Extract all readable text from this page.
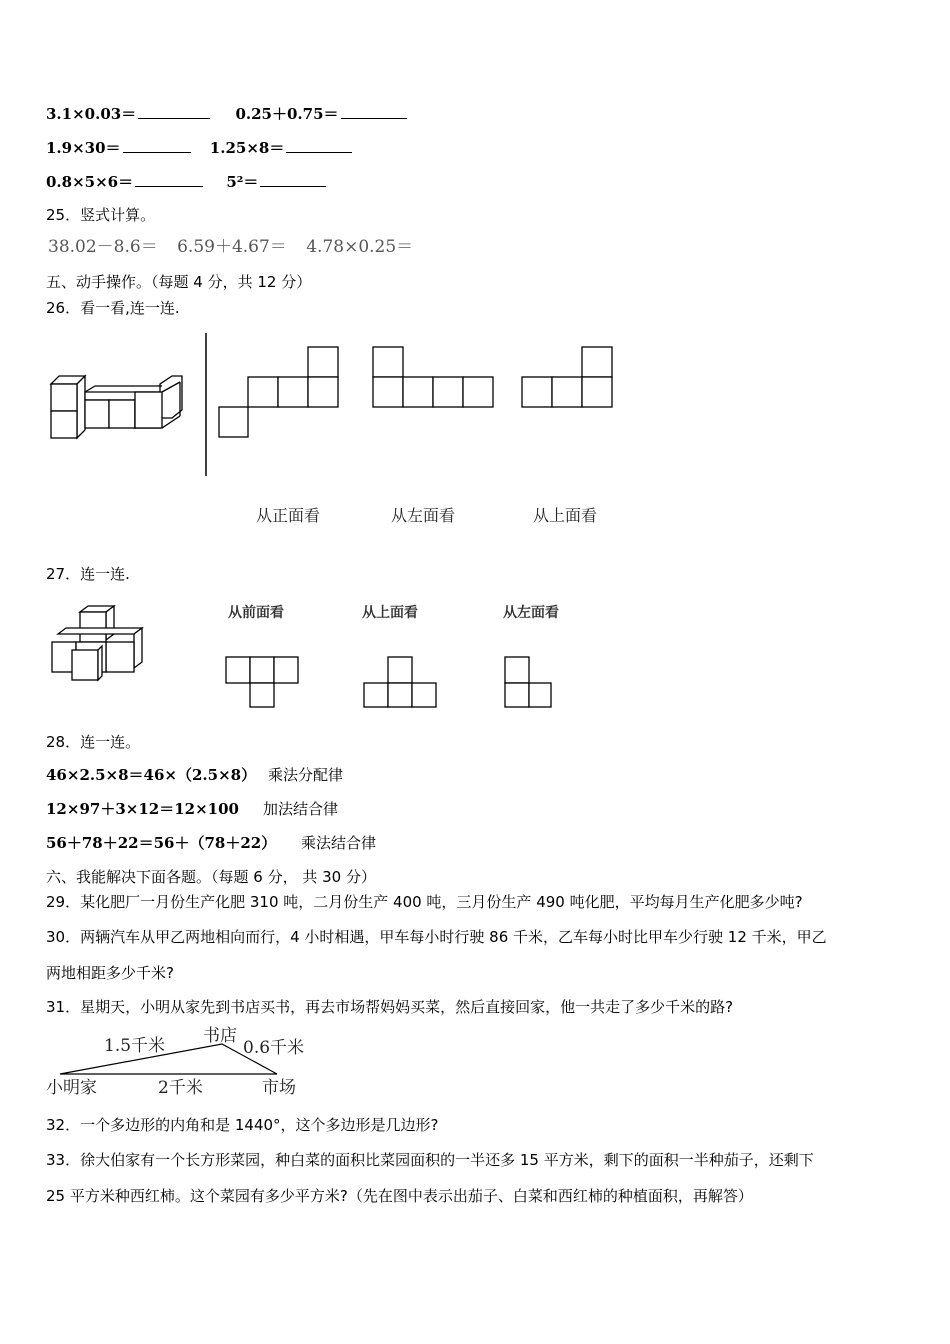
3.1×0.03＝	0.25＋0.75＝
1.9×30＝	1.25×8＝
0.8×5×6＝	5²＝
25．竖式计算。
38.02－8.6＝ 6.59＋4.67＝ 4.78×0.25＝
五、动手操作。（每题 4 分，共 12 分）
26．看一看,连一连.
从正面看	从左面看	从上面看
27．连一连.
从前面看	从上面看	从左面看
28．连一连。
46×2.5×8＝46×（2.5×8） 乘法分配律
12×97＋3×12＝12×100 加法结合律
56＋78＋22＝56＋（78＋22） 乘法结合律
六、我能解决下面各题。（每题 6 分， 共 30 分）
29．某化肥厂一月份生产化肥 310 吨，二月份生产 400 吨，三月份生产 490 吨化肥，平均每月生产化肥多少吨?
30．两辆汽车从甲乙两地相向而行，4 小时相遇，甲车每小时行驶 86 千米，乙车每小时比甲车少行驶 12 千米，甲乙
两地相距多少千米?
31．星期天，小明从家先到书店买书，再去市场帮妈妈买菜，然后直接回家，他一共走了多少千米的路?
1.5千米 书店
0.6千米
小明家	2千米	市场
32．一个多边形的内角和是 1440°，这个多边形是几边形?
33．徐大伯家有一个长方形菜园，种白菜的面积比菜园面积的一半还多 15 平方米，剩下的面积一半种茄子，还剩下
25 平方米种西红柿。这个菜园有多少平方米?（先在图中表示出茄子、白菜和西红柿的种植面积，再解答）
